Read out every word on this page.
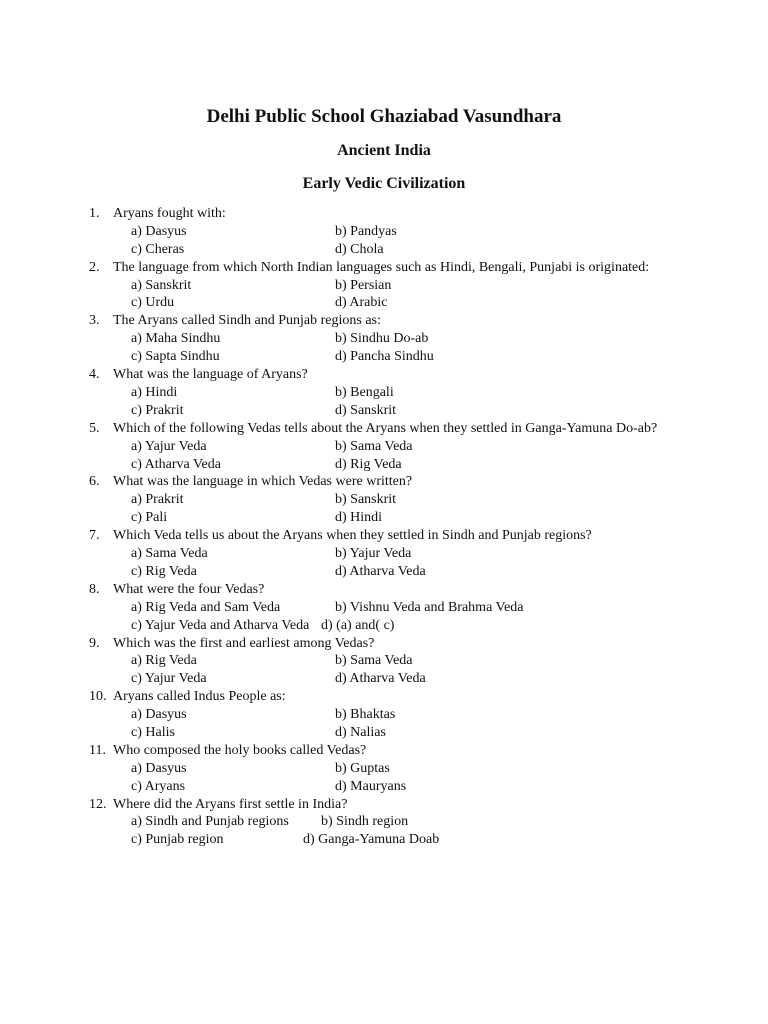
Delhi Public School Ghaziabad Vasundhara
Ancient India
Early Vedic Civilization
1. Aryans fought with:
a) Dasyus	b) Pandyas
c) Cheras	d) Chola
2. The language from which North Indian languages such as Hindi, Bengali, Punjabi is originated:
a) Sanskrit	b) Persian
c) Urdu	d) Arabic
3. The Aryans called Sindh and Punjab regions as:
a) Maha Sindhu	b) Sindhu Do-ab
c) Sapta Sindhu	d) Pancha Sindhu
4. What was the language of Aryans?
a) Hindi	b) Bengali
c) Prakrit	d) Sanskrit
5. Which of the following Vedas tells about the Aryans when they settled in Ganga-Yamuna Do-ab?
a) Yajur Veda	b) Sama Veda
c) Atharva Veda	d) Rig Veda
6. What was the language in which Vedas were written?
a) Prakrit	b) Sanskrit
c) Pali	d) Hindi
7. Which Veda tells us about the Aryans when they settled in Sindh and Punjab regions?
a) Sama Veda	b) Yajur Veda
c) Rig Veda	d) Atharva Veda
8. What were the four Vedas?
a) Rig Veda and Sam Veda	b) Vishnu Veda and Brahma Veda
c) Yajur Veda and Atharva Veda d) (a) and( c)
9. Which was the first and earliest among Vedas?
a) Rig Veda	b) Sama Veda
c) Yajur Veda	d) Atharva Veda
10. Aryans called Indus People as:
a) Dasyus	b) Bhaktas
c) Halis	d) Nalias
11. Who composed the holy books called Vedas?
a) Dasyus	b) Guptas
c) Aryans	d) Mauryans
12. Where did the Aryans first settle in India?
a) Sindh and Punjab regions b) Sindh region
c) Punjab region	d) Ganga-Yamuna Doab
